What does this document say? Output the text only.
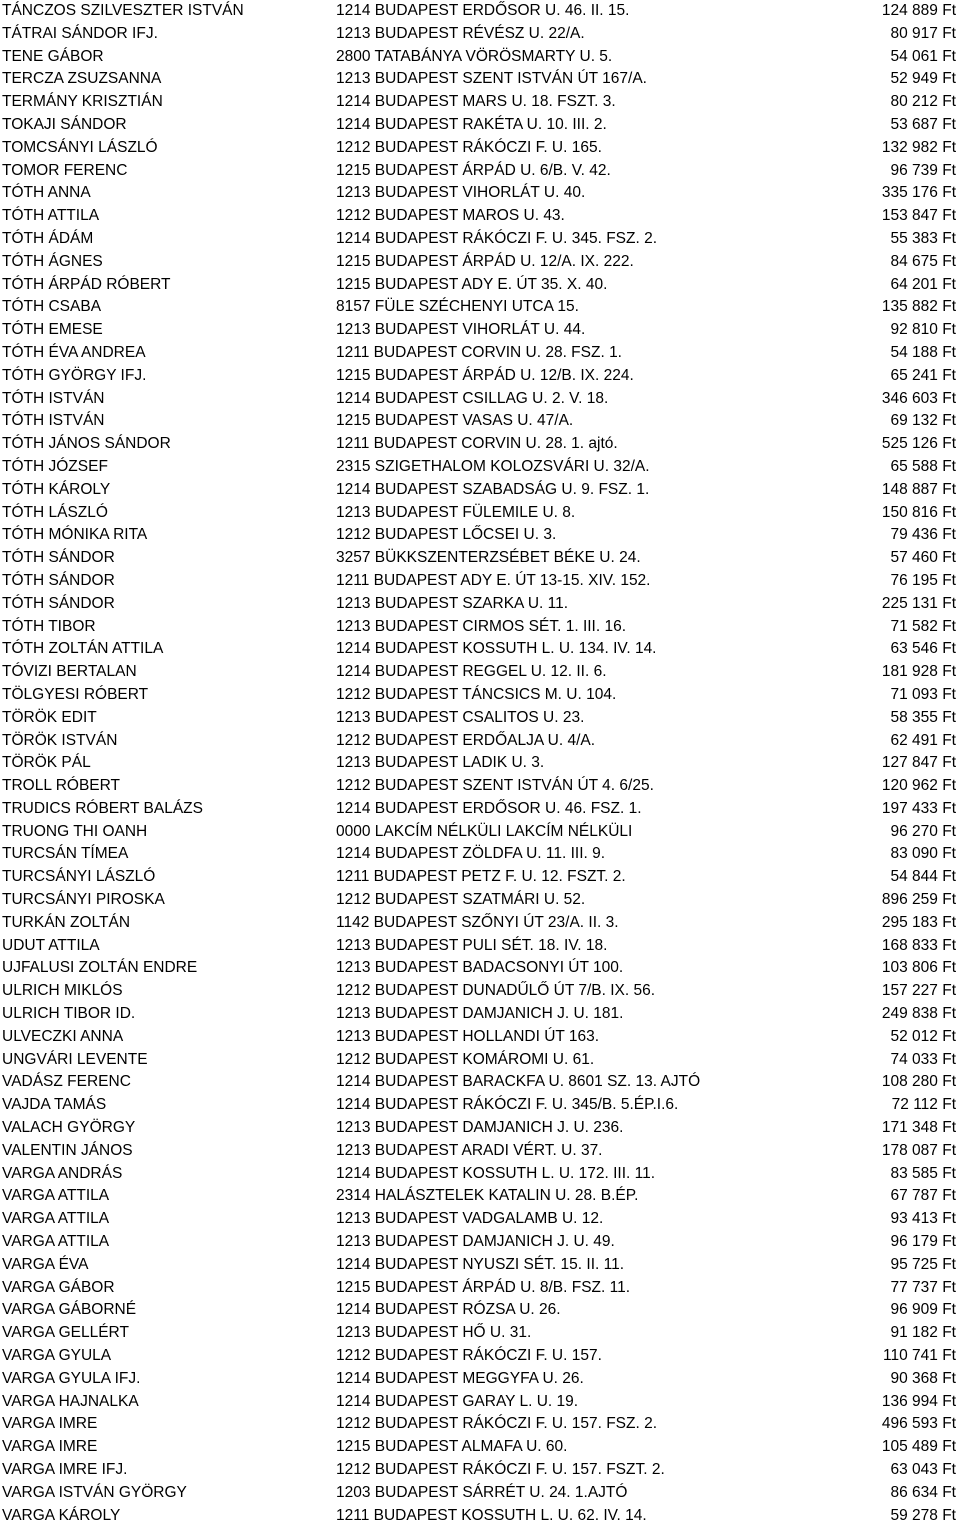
TÁNCZOS SZILVESZTER ISTVÁN	1214 BUDAPEST ERDŐSOR U. 46. II. 15.	124 889 Ft
TÁTRAI SÁNDOR IFJ.	1213 BUDAPEST RÉVÉSZ U. 22/A.	80 917 Ft
TENE GÁBOR	2800 TATABÁNYA VÖRÖSMARTY U. 5.	54 061 Ft
TERCZA ZSUZSANNA	1213 BUDAPEST SZENT ISTVÁN ÚT 167/A.	52 949 Ft
TERMÁNY KRISZTIÁN	1214 BUDAPEST MARS U. 18. FSZT. 3.	80 212 Ft
TOKAJI SÁNDOR	1214 BUDAPEST RAKÉTA U. 10. III. 2.	53 687 Ft
TOMCSÁNYI LÁSZLÓ	1212 BUDAPEST RÁKÓCZI F. U. 165.	132 982 Ft
TOMOR FERENC	1215 BUDAPEST ÁRPÁD U. 6/B. V. 42.	96 739 Ft
TÓTH ANNA	1213 BUDAPEST VIHORLÁT U. 40.	335 176 Ft
TÓTH ATTILA	1212 BUDAPEST MAROS U. 43.	153 847 Ft
TÓTH ÁDÁM	1214 BUDAPEST RÁKÓCZI F. U. 345. FSZ. 2.	55 383 Ft
TÓTH ÁGNES	1215 BUDAPEST ÁRPÁD U. 12/A. IX. 222.	84 675 Ft
TÓTH ÁRPÁD RÓBERT	1215 BUDAPEST ADY E. ÚT 35. X. 40.	64 201 Ft
TÓTH CSABA	8157 FÜLE SZÉCHENYI UTCA 15.	135 882 Ft
TÓTH EMESE	1213 BUDAPEST VIHORLÁT U. 44.	92 810 Ft
TÓTH ÉVA ANDREA	1211 BUDAPEST CORVIN U. 28. FSZ. 1.	54 188 Ft
TÓTH GYÖRGY IFJ.	1215 BUDAPEST ÁRPÁD U. 12/B. IX. 224.	65 241 Ft
TÓTH ISTVÁN	1214 BUDAPEST CSILLAG U. 2. V. 18.	346 603 Ft
TÓTH ISTVÁN	1215 BUDAPEST VASAS U. 47/A.	69 132 Ft
TÓTH JÁNOS SÁNDOR	1211 BUDAPEST CORVIN U. 28. 1. ajtó.	525 126 Ft
TÓTH JÓZSEF	2315 SZIGETHALOM KOLOZSVÁRI U. 32/A.	65 588 Ft
TÓTH KÁROLY	1214 BUDAPEST SZABADSÁG U. 9. FSZ. 1.	148 887 Ft
TÓTH LÁSZLÓ	1213 BUDAPEST FÜLEMILE U. 8.	150 816 Ft
TÓTH MÓNIKA RITA	1212 BUDAPEST LŐCSEI U. 3.	79 436 Ft
TÓTH SÁNDOR	3257 BÜKKSZENTERZSÉBET BÉKE U. 24.	57 460 Ft
TÓTH SÁNDOR	1211 BUDAPEST ADY E. ÚT 13-15. XIV. 152.	76 195 Ft
TÓTH SÁNDOR	1213 BUDAPEST SZARKA U. 11.	225 131 Ft
TÓTH TIBOR	1213 BUDAPEST CIRMOS SÉT. 1. III. 16.	71 582 Ft
TÓTH ZOLTÁN ATTILA	1214 BUDAPEST KOSSUTH L. U. 134. IV. 14.	63 546 Ft
TÓVIZI BERTALAN	1214 BUDAPEST REGGEL U. 12. II. 6.	181 928 Ft
TÖLGYESI RÓBERT	1212 BUDAPEST TÁNCSICS M. U. 104.	71 093 Ft
TÖRÖK EDIT	1213 BUDAPEST CSALITOS U. 23.	58 355 Ft
TÖRÖK ISTVÁN	1212 BUDAPEST ERDŐALJA U. 4/A.	62 491 Ft
TÖRÖK PÁL	1213 BUDAPEST LADIK U. 3.	127 847 Ft
TROLL RÓBERT	1212 BUDAPEST SZENT ISTVÁN ÚT 4. 6/25.	120 962 Ft
TRUDICS RÓBERT BALÁZS	1214 BUDAPEST ERDŐSOR U. 46. FSZ. 1.	197 433 Ft
TRUONG THI OANH	0000 LAKCÍM NÉLKÜLI LAKCÍM NÉLKÜLI	96 270 Ft
TURCSÁN TÍMEA	1214 BUDAPEST ZÖLDFA U. 11. III. 9.	83 090 Ft
TURCSÁNYI LÁSZLÓ	1211 BUDAPEST PETZ F. U. 12. FSZT. 2.	54 844 Ft
TURCSÁNYI PIROSKA	1212 BUDAPEST SZATMÁRI U. 52.	896 259 Ft
TURKÁN ZOLTÁN	1142 BUDAPEST SZŐNYI ÚT 23/A. II. 3.	295 183 Ft
UDUT ATTILA	1213 BUDAPEST PULI SÉT. 18. IV. 18.	168 833 Ft
UJFALUSI ZOLTÁN ENDRE	1213 BUDAPEST BADACSONYI ÚT 100.	103 806 Ft
ULRICH MIKLÓS	1212 BUDAPEST DUNADŰLŐ ÚT 7/B. IX. 56.	157 227 Ft
ULRICH TIBOR ID.	1213 BUDAPEST DAMJANICH J. U. 181.	249 838 Ft
ULVECZKI ANNA	1213 BUDAPEST HOLLANDI ÚT 163.	52 012 Ft
UNGVÁRI LEVENTE	1212 BUDAPEST KOMÁROMI U. 61.	74 033 Ft
VADÁSZ FERENC	1214 BUDAPEST BARACKFA U. 8601 SZ. 13. AJTÓ	108 280 Ft
VAJDA TAMÁS	1214 BUDAPEST RÁKÓCZI F. U. 345/B. 5.ÉP.I.6.	72 112 Ft
VALACH GYÖRGY	1213 BUDAPEST DAMJANICH J. U. 236.	171 348 Ft
VALENTIN JÁNOS	1213 BUDAPEST ARADI VÉRT. U. 37.	178 087 Ft
VARGA ANDRÁS	1214 BUDAPEST KOSSUTH L. U. 172. III. 11.	83 585 Ft
VARGA ATTILA	2314 HALÁSZTELEK KATALIN U. 28. B.ÉP.	67 787 Ft
VARGA ATTILA	1213 BUDAPEST VADGALAMB U. 12.	93 413 Ft
VARGA ATTILA	1213 BUDAPEST DAMJANICH J. U. 49.	96 179 Ft
VARGA ÉVA	1214 BUDAPEST NYUSZI SÉT. 15. II. 11.	95 725 Ft
VARGA GÁBOR	1215 BUDAPEST ÁRPÁD U. 8/B. FSZ. 11.	77 737 Ft
VARGA GÁBORNÉ	1214 BUDAPEST RÓZSA U. 26.	96 909 Ft
VARGA GELLÉRT	1213 BUDAPEST HŐ U. 31.	91 182 Ft
VARGA GYULA	1212 BUDAPEST RÁKÓCZI F. U. 157.	110 741 Ft
VARGA GYULA IFJ.	1214 BUDAPEST MEGGYFA U. 26.	90 368 Ft
VARGA HAJNALKA	1214 BUDAPEST GARAY L. U. 19.	136 994 Ft
VARGA IMRE	1212 BUDAPEST RÁKÓCZI F. U. 157. FSZ. 2.	496 593 Ft
VARGA IMRE	1215 BUDAPEST ALMAFA U. 60.	105 489 Ft
VARGA IMRE IFJ.	1212 BUDAPEST RÁKÓCZI F. U. 157. FSZT. 2.	63 043 Ft
VARGA ISTVÁN GYÖRGY	1203 BUDAPEST SÁRRÉT U. 24. 1.AJTÓ	86 634 Ft
VARGA KÁROLY	1211 BUDAPEST KOSSUTH L. U. 62. IV. 14.	59 278 Ft
